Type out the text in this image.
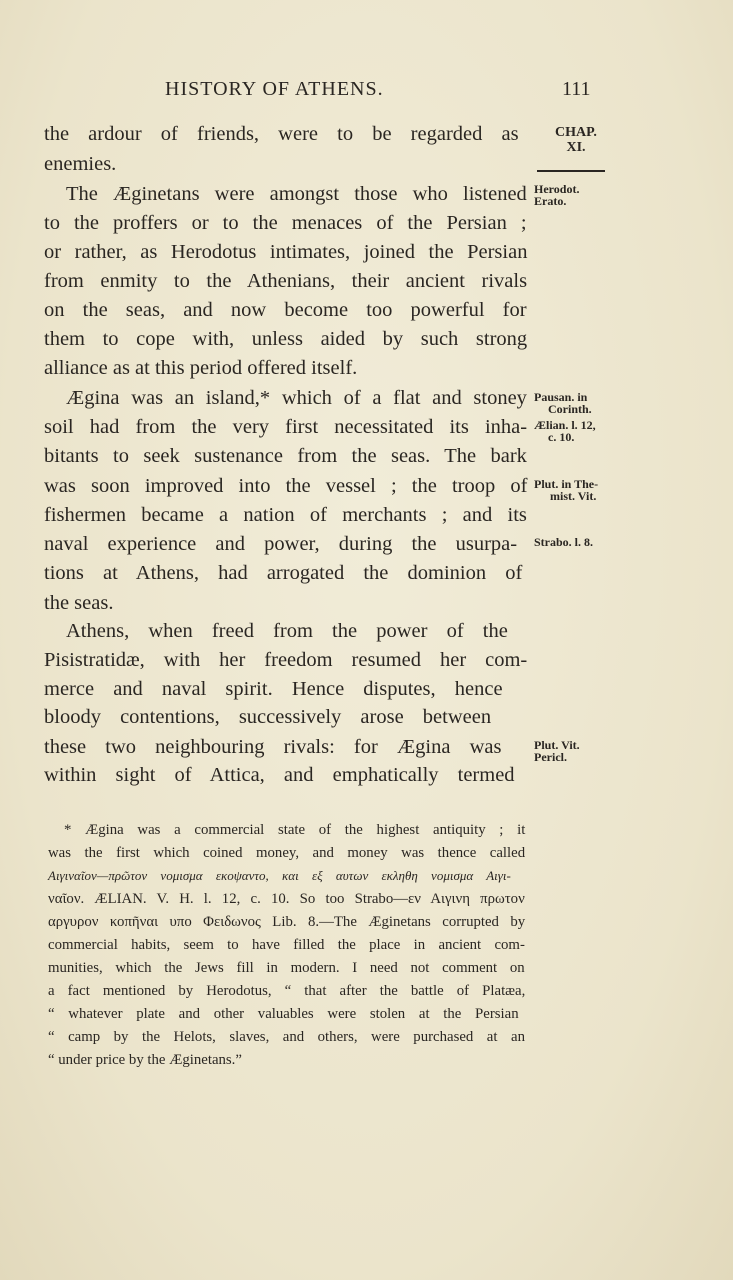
HISTORY OF ATHENS.	111
CHAP.
XI.
Herodot.
Erato.
Pausan. in
Corinth.
Ælian. l. 12,
c. 10.
Plut. in The-
mist. Vit.
Strabo. l. 8.
Plut. Vit.
Pericl.
the ardour of friends, were to be regarded as
enemies.
The Æginetans were amongst those who listened
to the proffers or to the menaces of the Persian ;
or rather, as Herodotus intimates, joined the Persian
from enmity to the Athenians, their ancient rivals
on the seas, and now become too powerful for
them to cope with, unless aided by such strong
alliance as at this period offered itself.
Ægina was an island,* which of a flat and stoney
soil had from the very first necessitated its inha-
bitants to seek sustenance from the seas. The bark
was soon improved into the vessel ; the troop of
fishermen became a nation of merchants ; and its
naval experience and power, during the usurpa-
tions at Athens, had arrogated the dominion of
the seas.
Athens, when freed from the power of the
Pisistratidæ, with her freedom resumed her com-
merce and naval spirit. Hence disputes, hence
bloody contentions, successively arose between
these two neighbouring rivals: for Ægina was
within sight of Attica, and emphatically termed
* Ægina was a commercial state of the highest antiquity ; it
was the first which coined money, and money was thence called
Αιγιναῖον—πρῶτον νομισμα εκοψαντο, και εξ αυτων εκληθη νομισμα Αιγι-
ναῖον. ÆLIAN. V. H. l. 12, c. 10. So too Strabo—εν Αιγινη πρωτον
αργυρον κοπῆναι υπο Φειδωνος Lib. 8.—The Æginetans corrupted by
commercial habits, seem to have filled the place in ancient com-
munities, which the Jews fill in modern. I need not comment on
a fact mentioned by Herodotus, “ that after the battle of Platæa,
“ whatever plate and other valuables were stolen at the Persian
“ camp by the Helots, slaves, and others, were purchased at an
“ under price by the Æginetans.”
